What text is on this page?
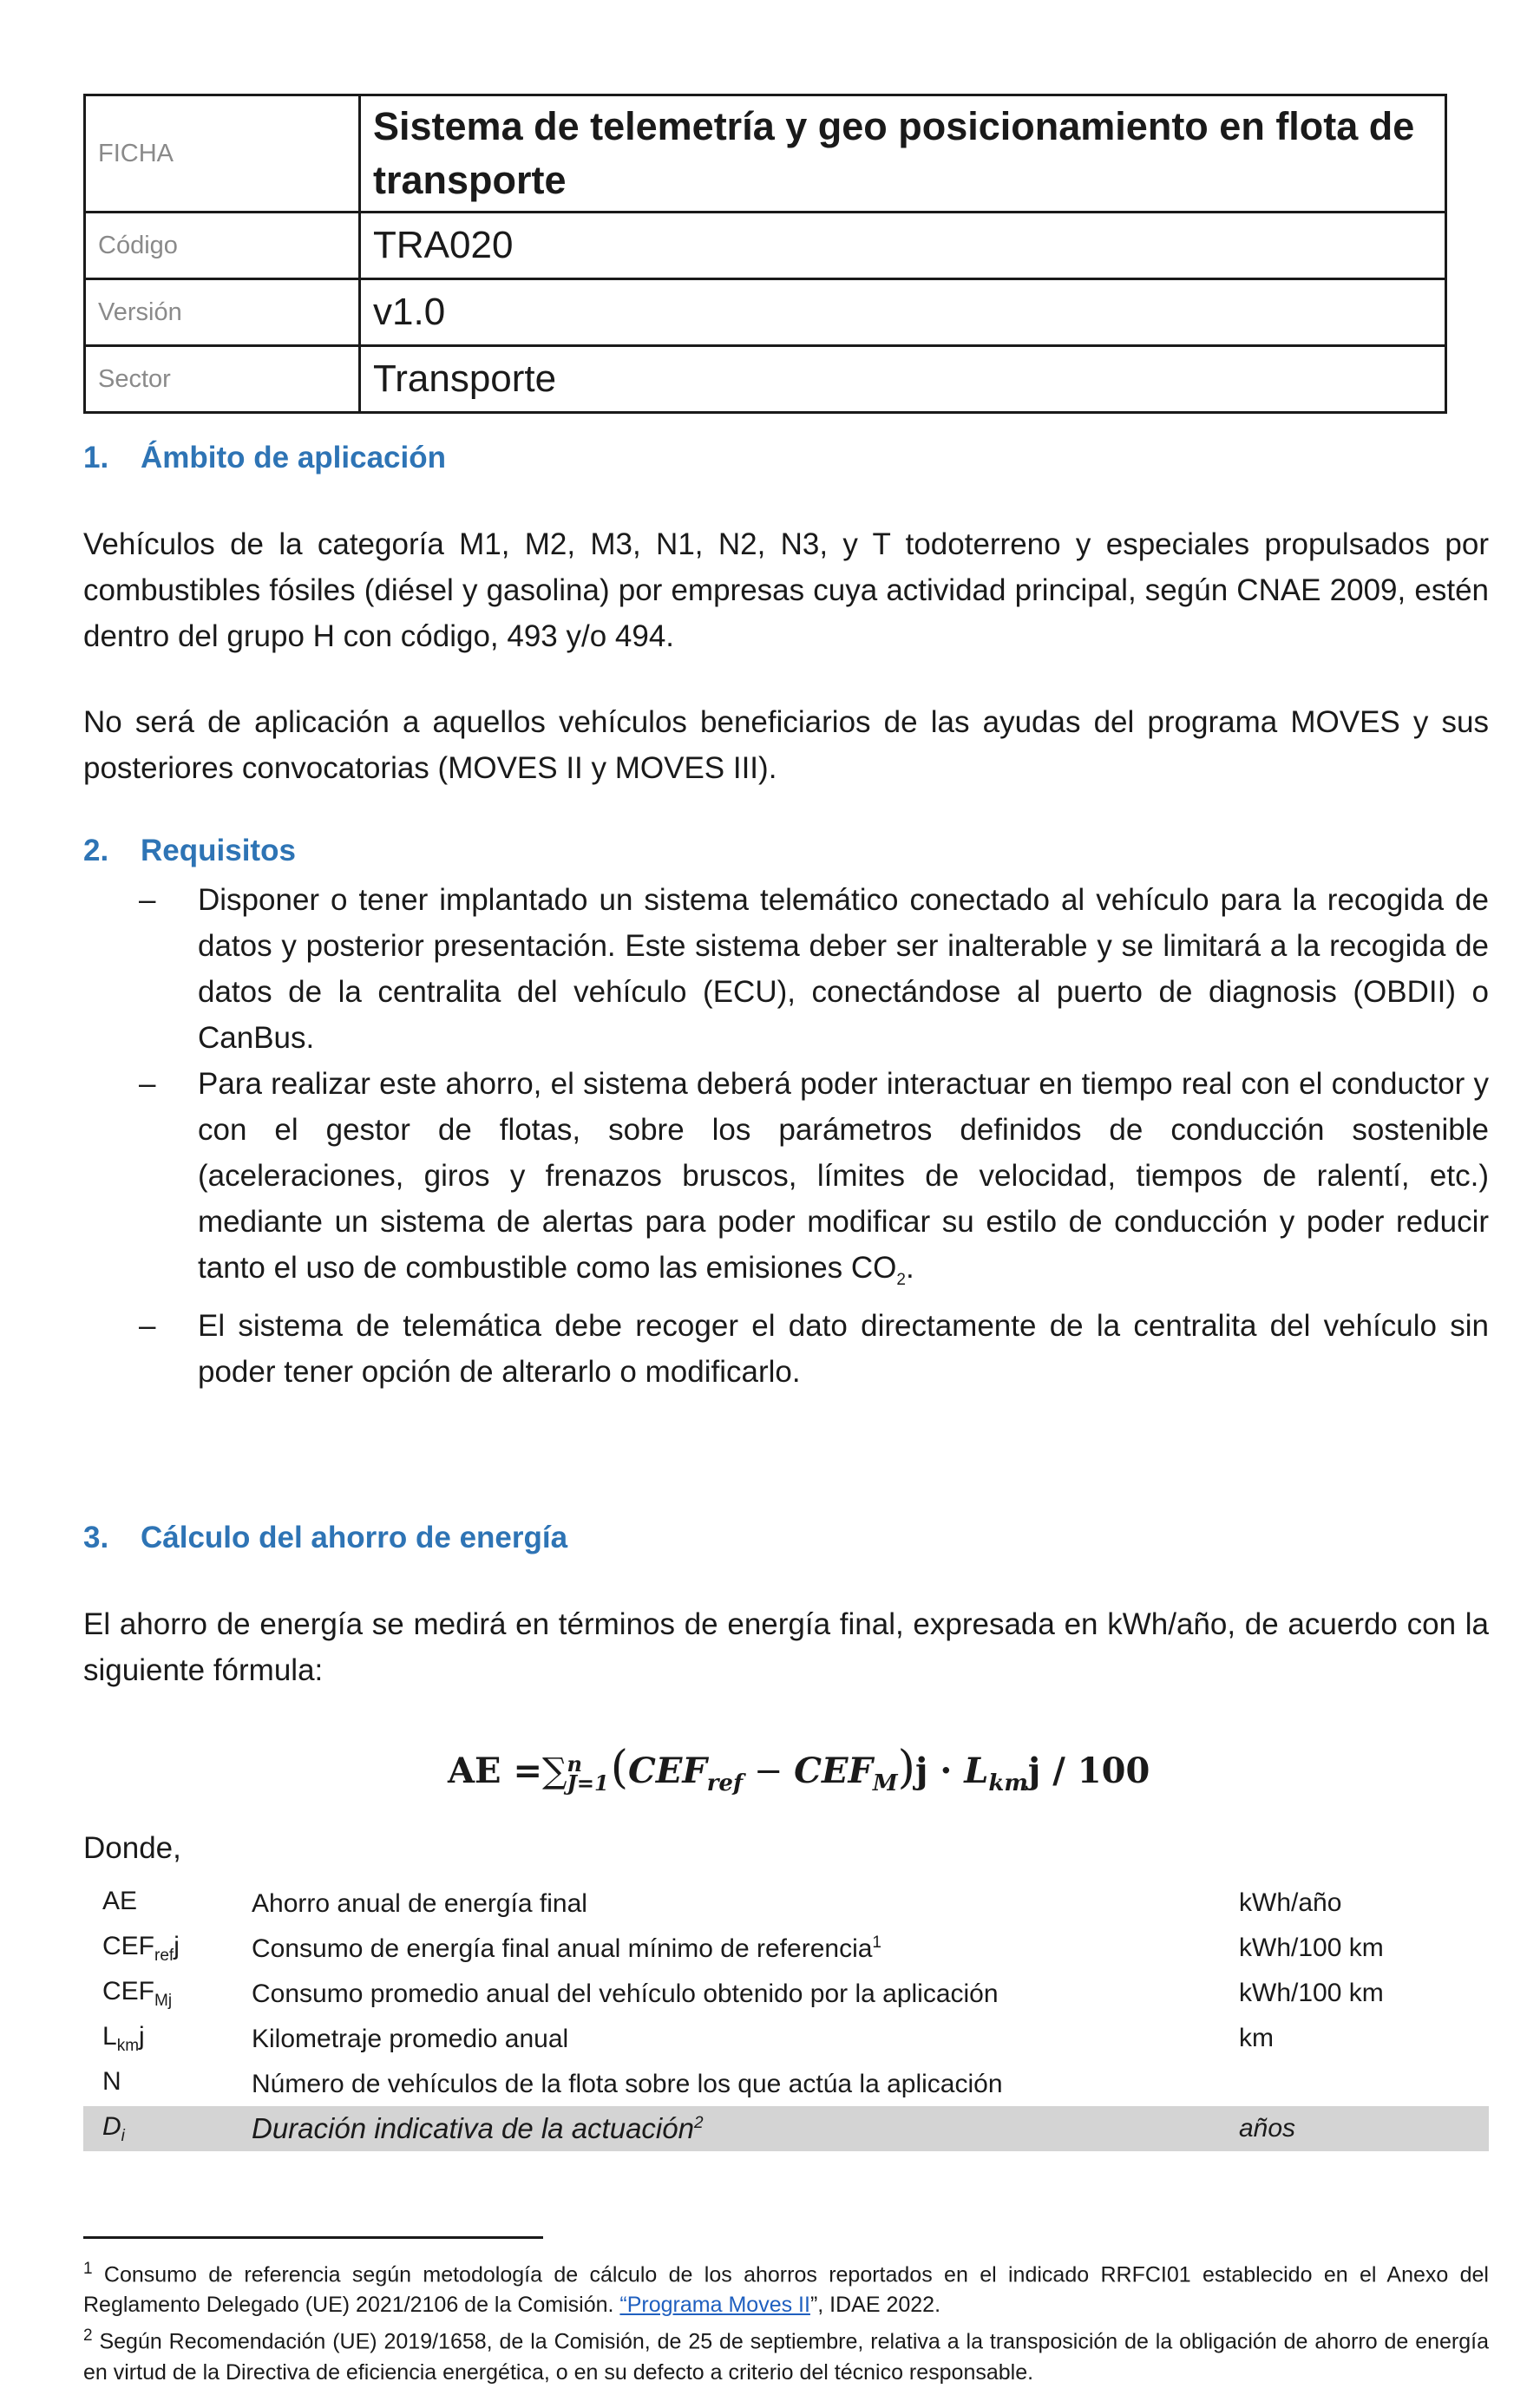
FICHA	Sistema de telemetría y geo posicionamiento en flota de transporte
Código	TRA020
Versión	v1.0
Sector	Transporte
1. Ámbito de aplicación

Vehículos de la categoría M1, M2, M3, N1, N2, N3, y T todoterreno y especiales propulsados por combustibles fósiles (diésel y gasolina) por empresas cuya actividad principal, según CNAE 2009, estén dentro del grupo H con código, 493 y/o 494.

No será de aplicación a aquellos vehículos beneficiarios de las ayudas del programa MOVES y sus posteriores convocatorias (MOVES II y MOVES III).

2. Requisitos
– Disponer o tener implantado un sistema telemático conectado al vehículo para la recogida de datos y posterior presentación. Este sistema deber ser inalterable y se limitará a la recogida de datos de la centralita del vehículo (ECU), conectándose al puerto de diagnosis (OBDII) o CanBus.
– Para realizar este ahorro, el sistema deberá poder interactuar en tiempo real con el conductor y con el gestor de flotas, sobre los parámetros definidos de conducción sostenible (aceleraciones, giros y frenazos bruscos, límites de velocidad, tiempos de ralentí, etc.) mediante un sistema de alertas para poder modificar su estilo de conducción y poder reducir tanto el uso de combustible como las emisiones $CO_2$.
– El sistema de telemática debe recoger el dato directamente de la centralita del vehículo sin poder tener opción de alterarlo o modificarlo.
3. Cálculo del ahorro de energía

El ahorro de energía se medirá en términos de energía final, expresada en kWh/año, de acuerdo con la siguiente fórmula:

AE =∑ n
J=1 $(CEF_{ref} - CEF_M)j \cdot L_{km}j / 100$

Donde,

AE	Ahorro anual de energía final	kWh/año
$CEF_{ref}j$	Consumo de energía final anual mínimo de referencia$^1$	kWh/100 km
$CEF_{Mj}$	Consumo promedio anual del vehículo obtenido por la aplicación	kWh/100 km
$L_{km}j$	Kilometraje promedio anual	km
N	Número de vehículos de la flota sobre los que actúa la aplicación	
$D_i$	Duración indicativa de la actuación$^2$	años

$^1$ Consumo de referencia según metodología de cálculo de los ahorros reportados en el indicado RRFCI01 establecido en el Anexo del Reglamento Delegado (UE) 2021/2106 de la Comisión. “Programa Moves II”, IDAE 2022.

$^2$ Según Recomendación (UE) 2019/1658, de la Comisión, de 25 de septiembre, relativa a la transposición de la obligación de ahorro de energía en virtud de la Directiva de eficiencia energética, o en su defecto a criterio del técnico responsable.
